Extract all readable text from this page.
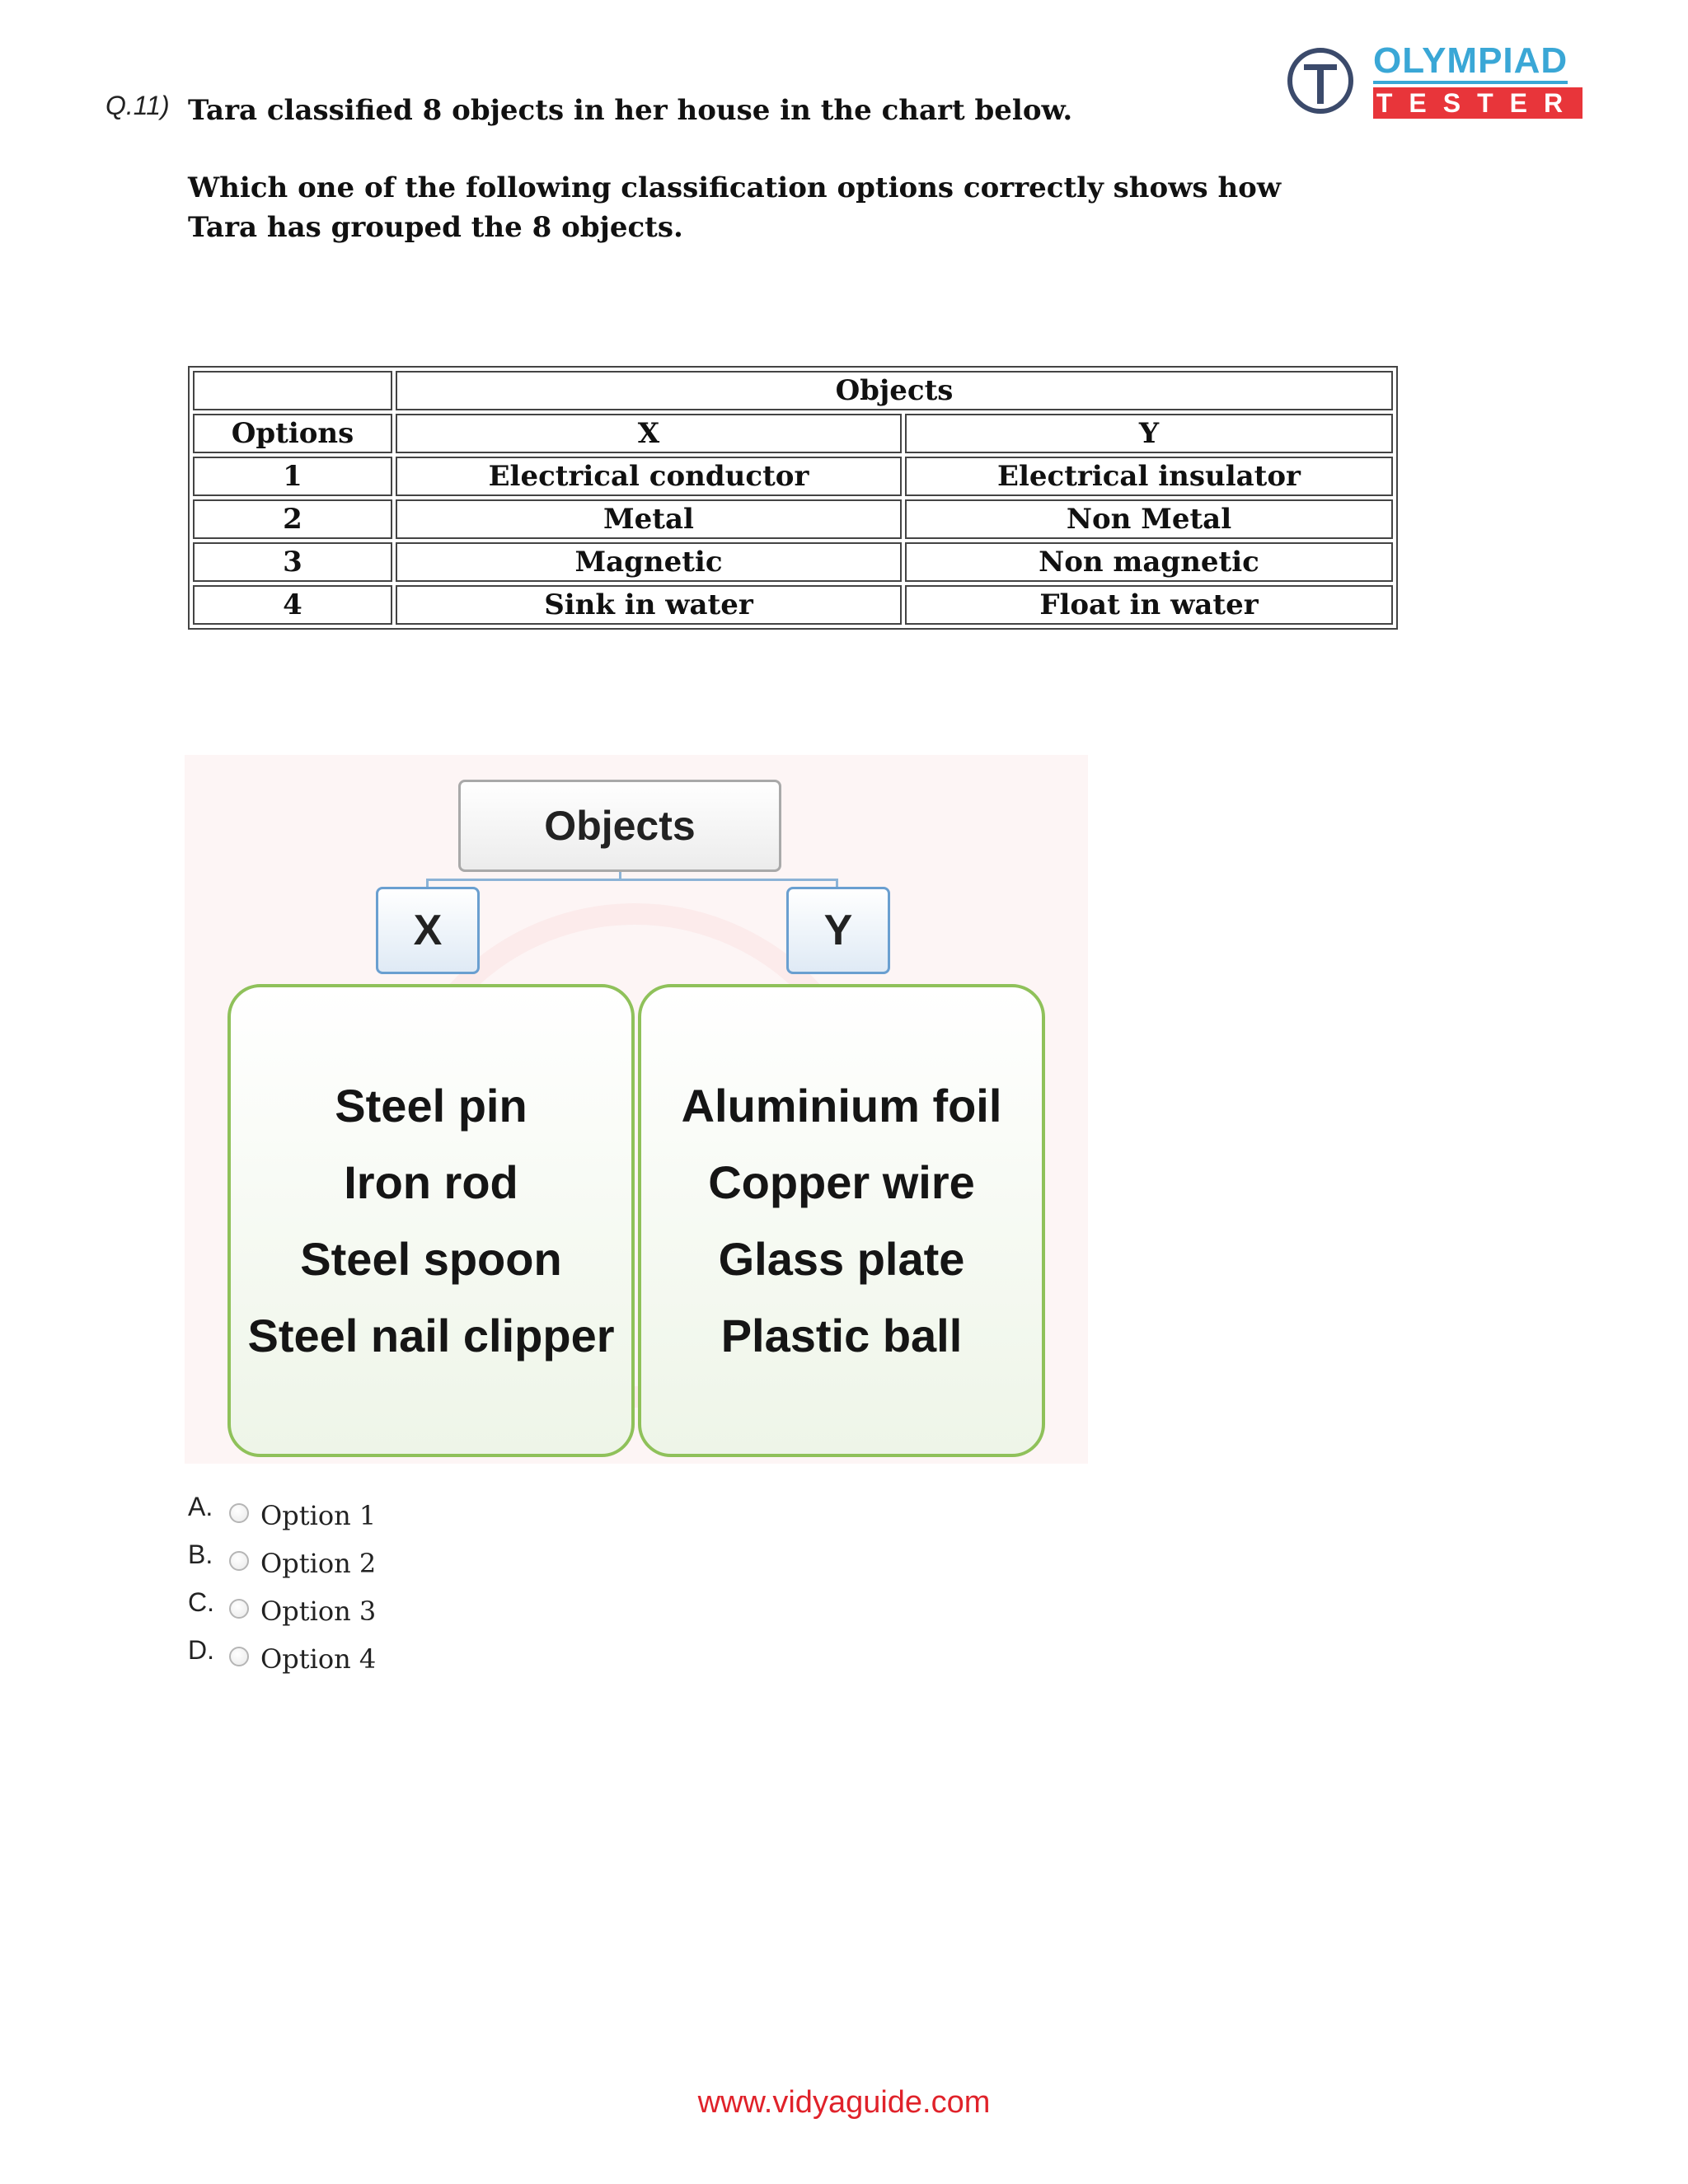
Q.11) Tara classified 8 objects in her house in the chart below.

Which one of the following classification options correctly shows how Tara has grouped the 8 objects.

OLYMPIAD
TESTER
	Objects	
Options	X	Y
1	Electrical conductor	Electrical insulator
2	Metal	Non Metal
3	Magnetic	Non magnetic
4	Sink in water	Float in water
Objects
X	Y
Steel pin
Iron rod
Steel spoon
Steel nail clipper
Aluminium foil
Copper wire
Glass plate
Plastic ball
A. Option 1
B. Option 2
C. Option 3
D. Option 4
www.vidyaguide.com
